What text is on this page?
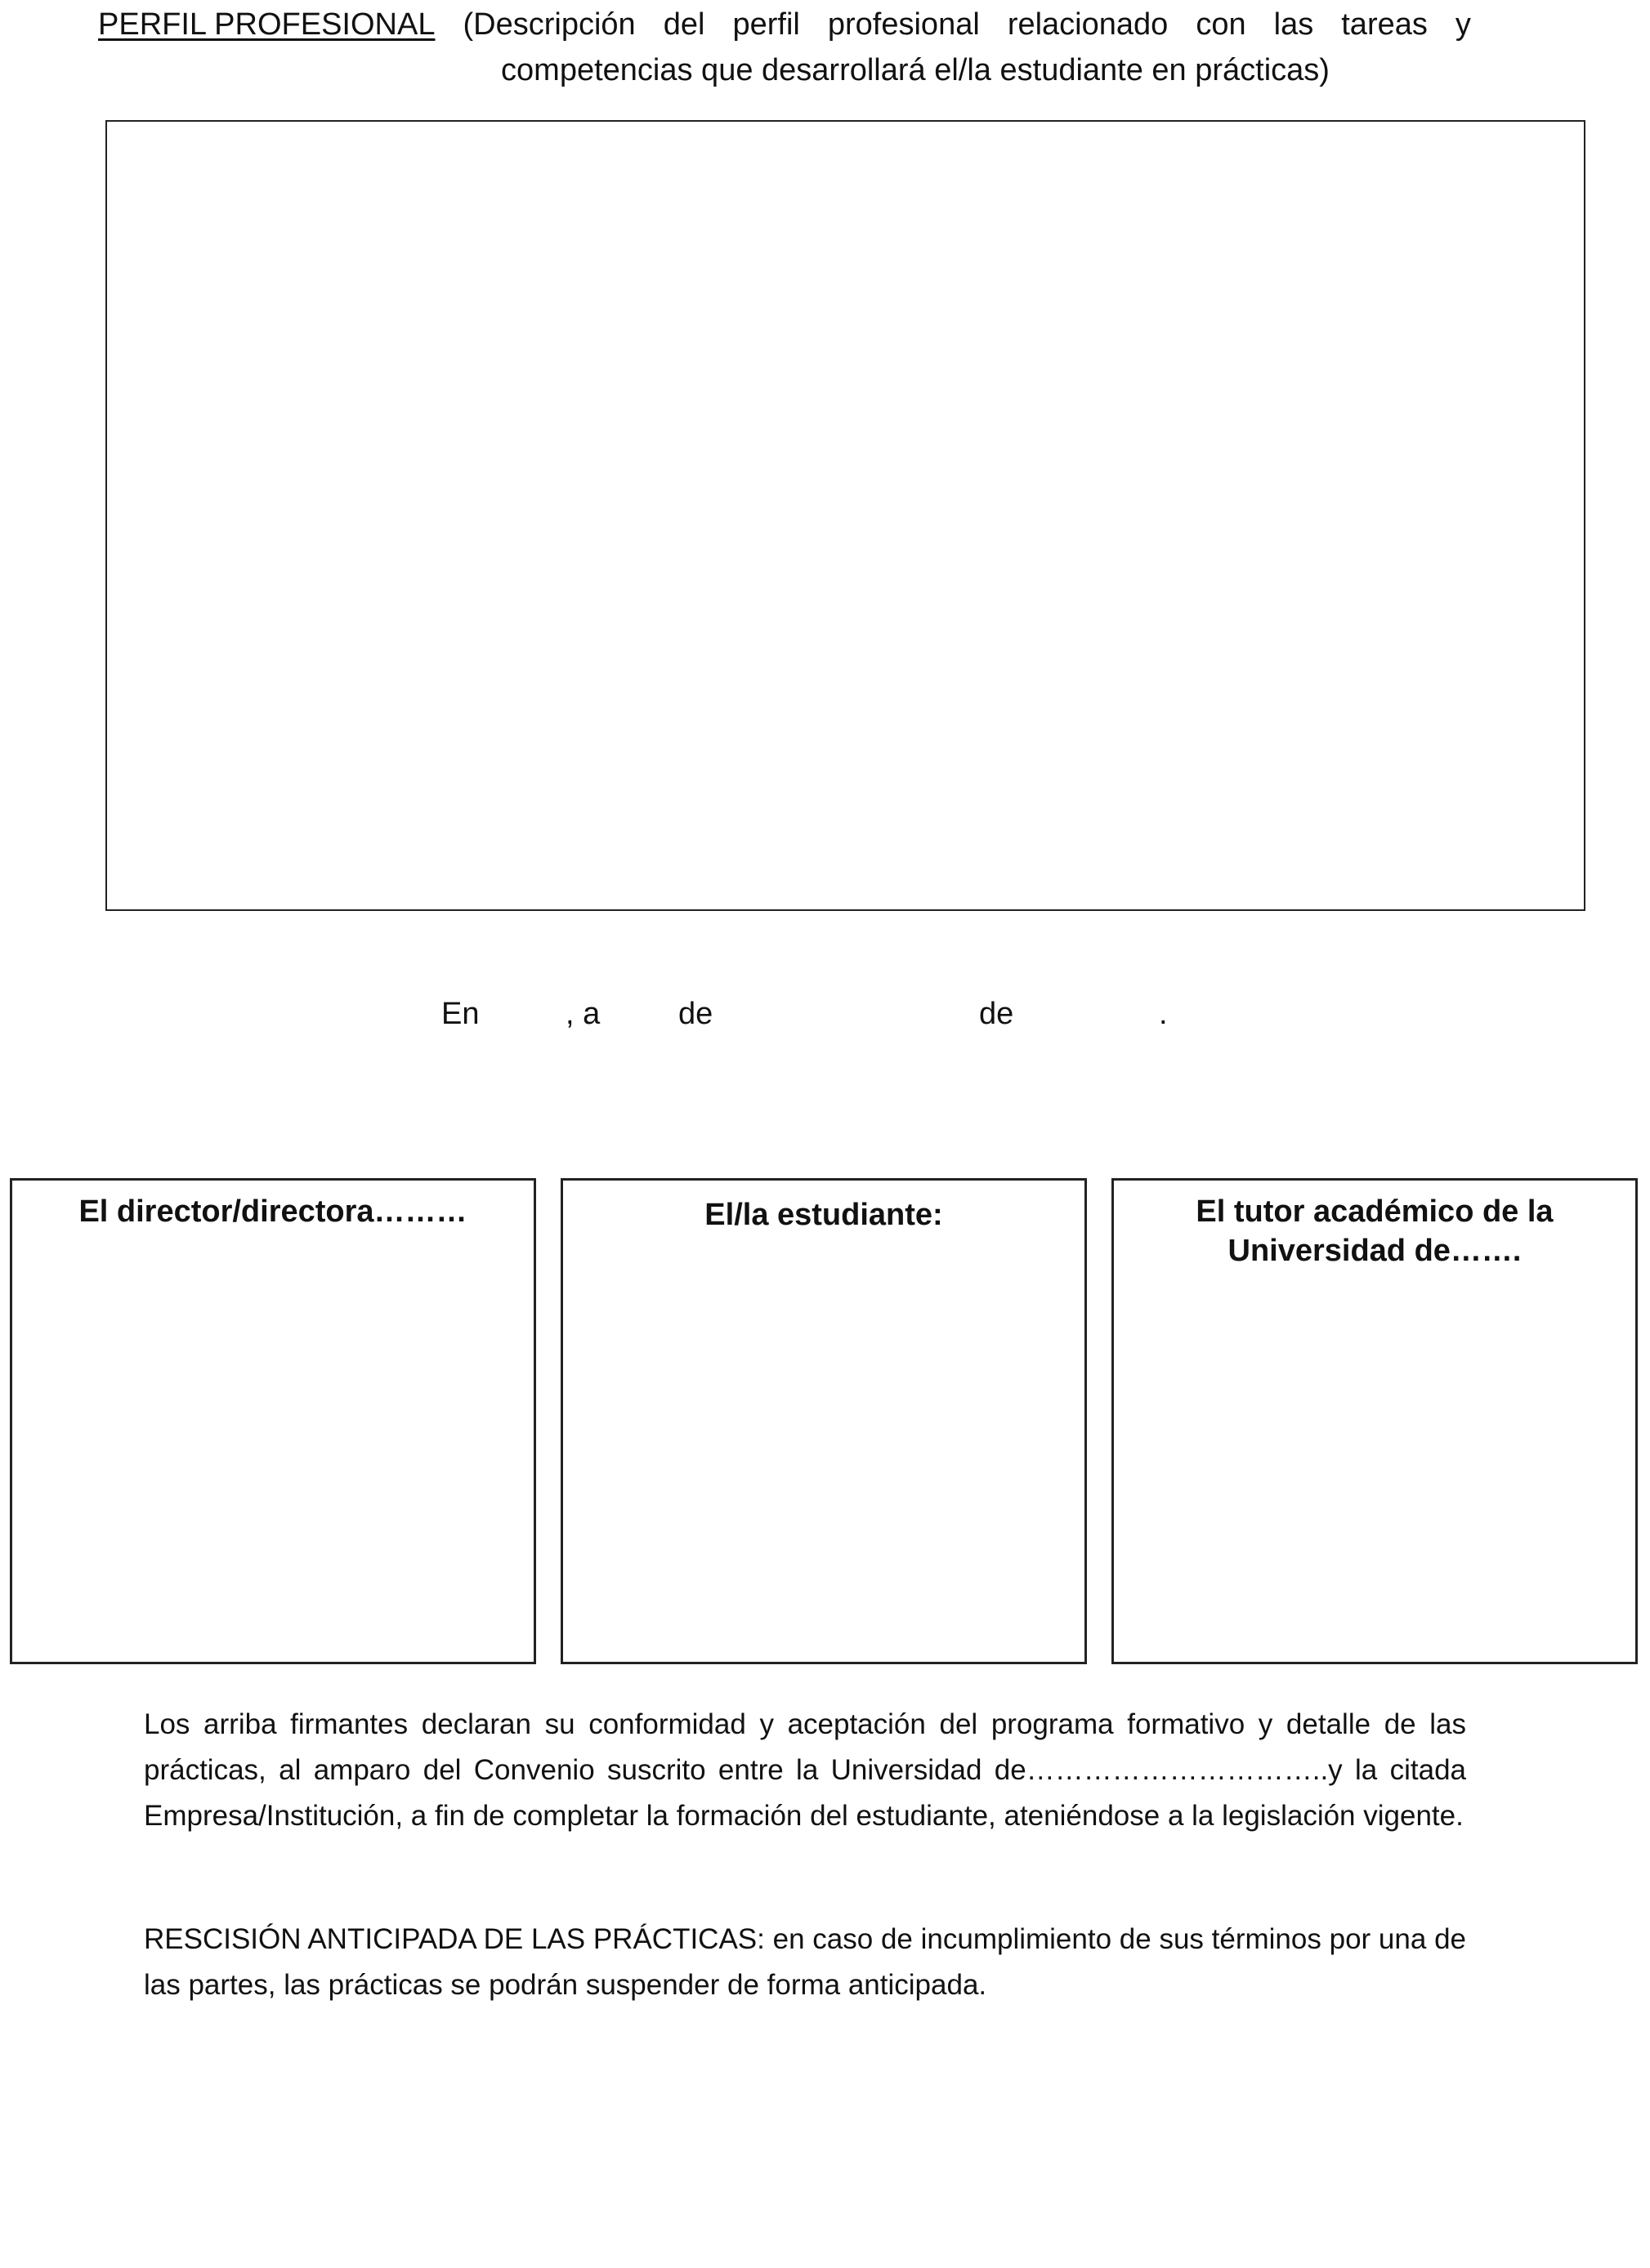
PERFIL PROFESIONAL (Descripción del perfil profesional relacionado con las tareas y
competencias que desarrollará el/la estudiante en prácticas)
En	, a	de	de	.
El director/directora………	El/la estudiante:	El tutor académico de la Universidad de…….
Los arriba firmantes declaran su conformidad y aceptación del programa formativo y detalle de las prácticas, al amparo del Convenio suscrito entre la Universidad de…………………………..y la citada Empresa/Institución, a fin de completar la formación del estudiante, ateniéndose a la legislación vigente.
RESCISIÓN ANTICIPADA DE LAS PRÁCTICAS: en caso de incumplimiento de sus términos por una de las partes, las prácticas se podrán suspender de forma anticipada.
